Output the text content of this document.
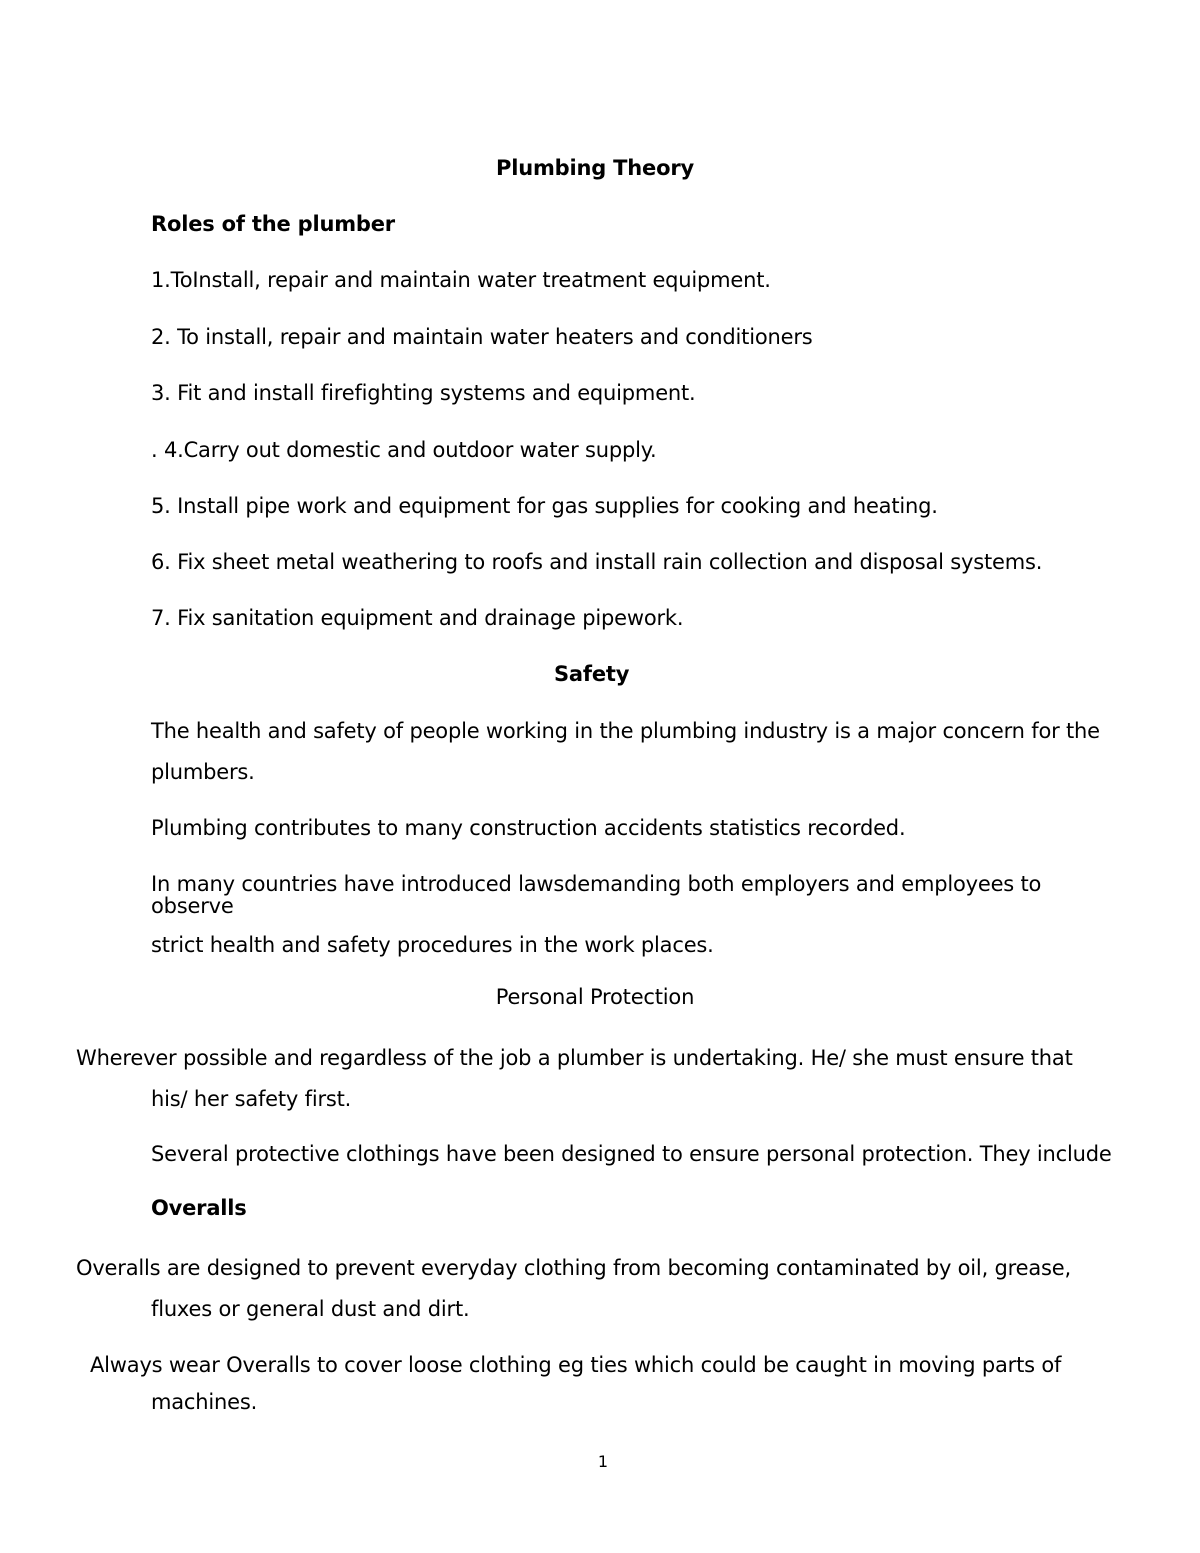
Plumbing Theory

Roles of the plumber

1.ToInstall, repair and maintain water treatment equipment.

2. To install, repair and maintain water heaters and conditioners

3. Fit and install firefighting systems and equipment.

. 4.Carry out domestic and outdoor water supply.

5. Install pipe work and equipment for gas supplies for cooking and heating.

6. Fix sheet metal weathering to roofs and install rain collection and disposal systems.

7. Fix sanitation equipment and drainage pipework.

Safety

The health and safety of people working in the plumbing industry is a major concern for the

plumbers.

Plumbing contributes to many construction accidents statistics recorded.

In many countries have introduced lawsdemanding both employers and employees to

observe

strict health and safety procedures in the work places.

Personal Protection

Wherever possible and regardless of the job a plumber is undertaking. He/ she must ensure that

his/ her safety first.

Several protective clothings have been designed to ensure personal protection. They include

Overalls

Overalls are designed to prevent everyday clothing from becoming contaminated by oil, grease,

fluxes or general dust and dirt.

Always wear Overalls to cover loose clothing eg ties which could be caught in moving parts of

machines.

1
